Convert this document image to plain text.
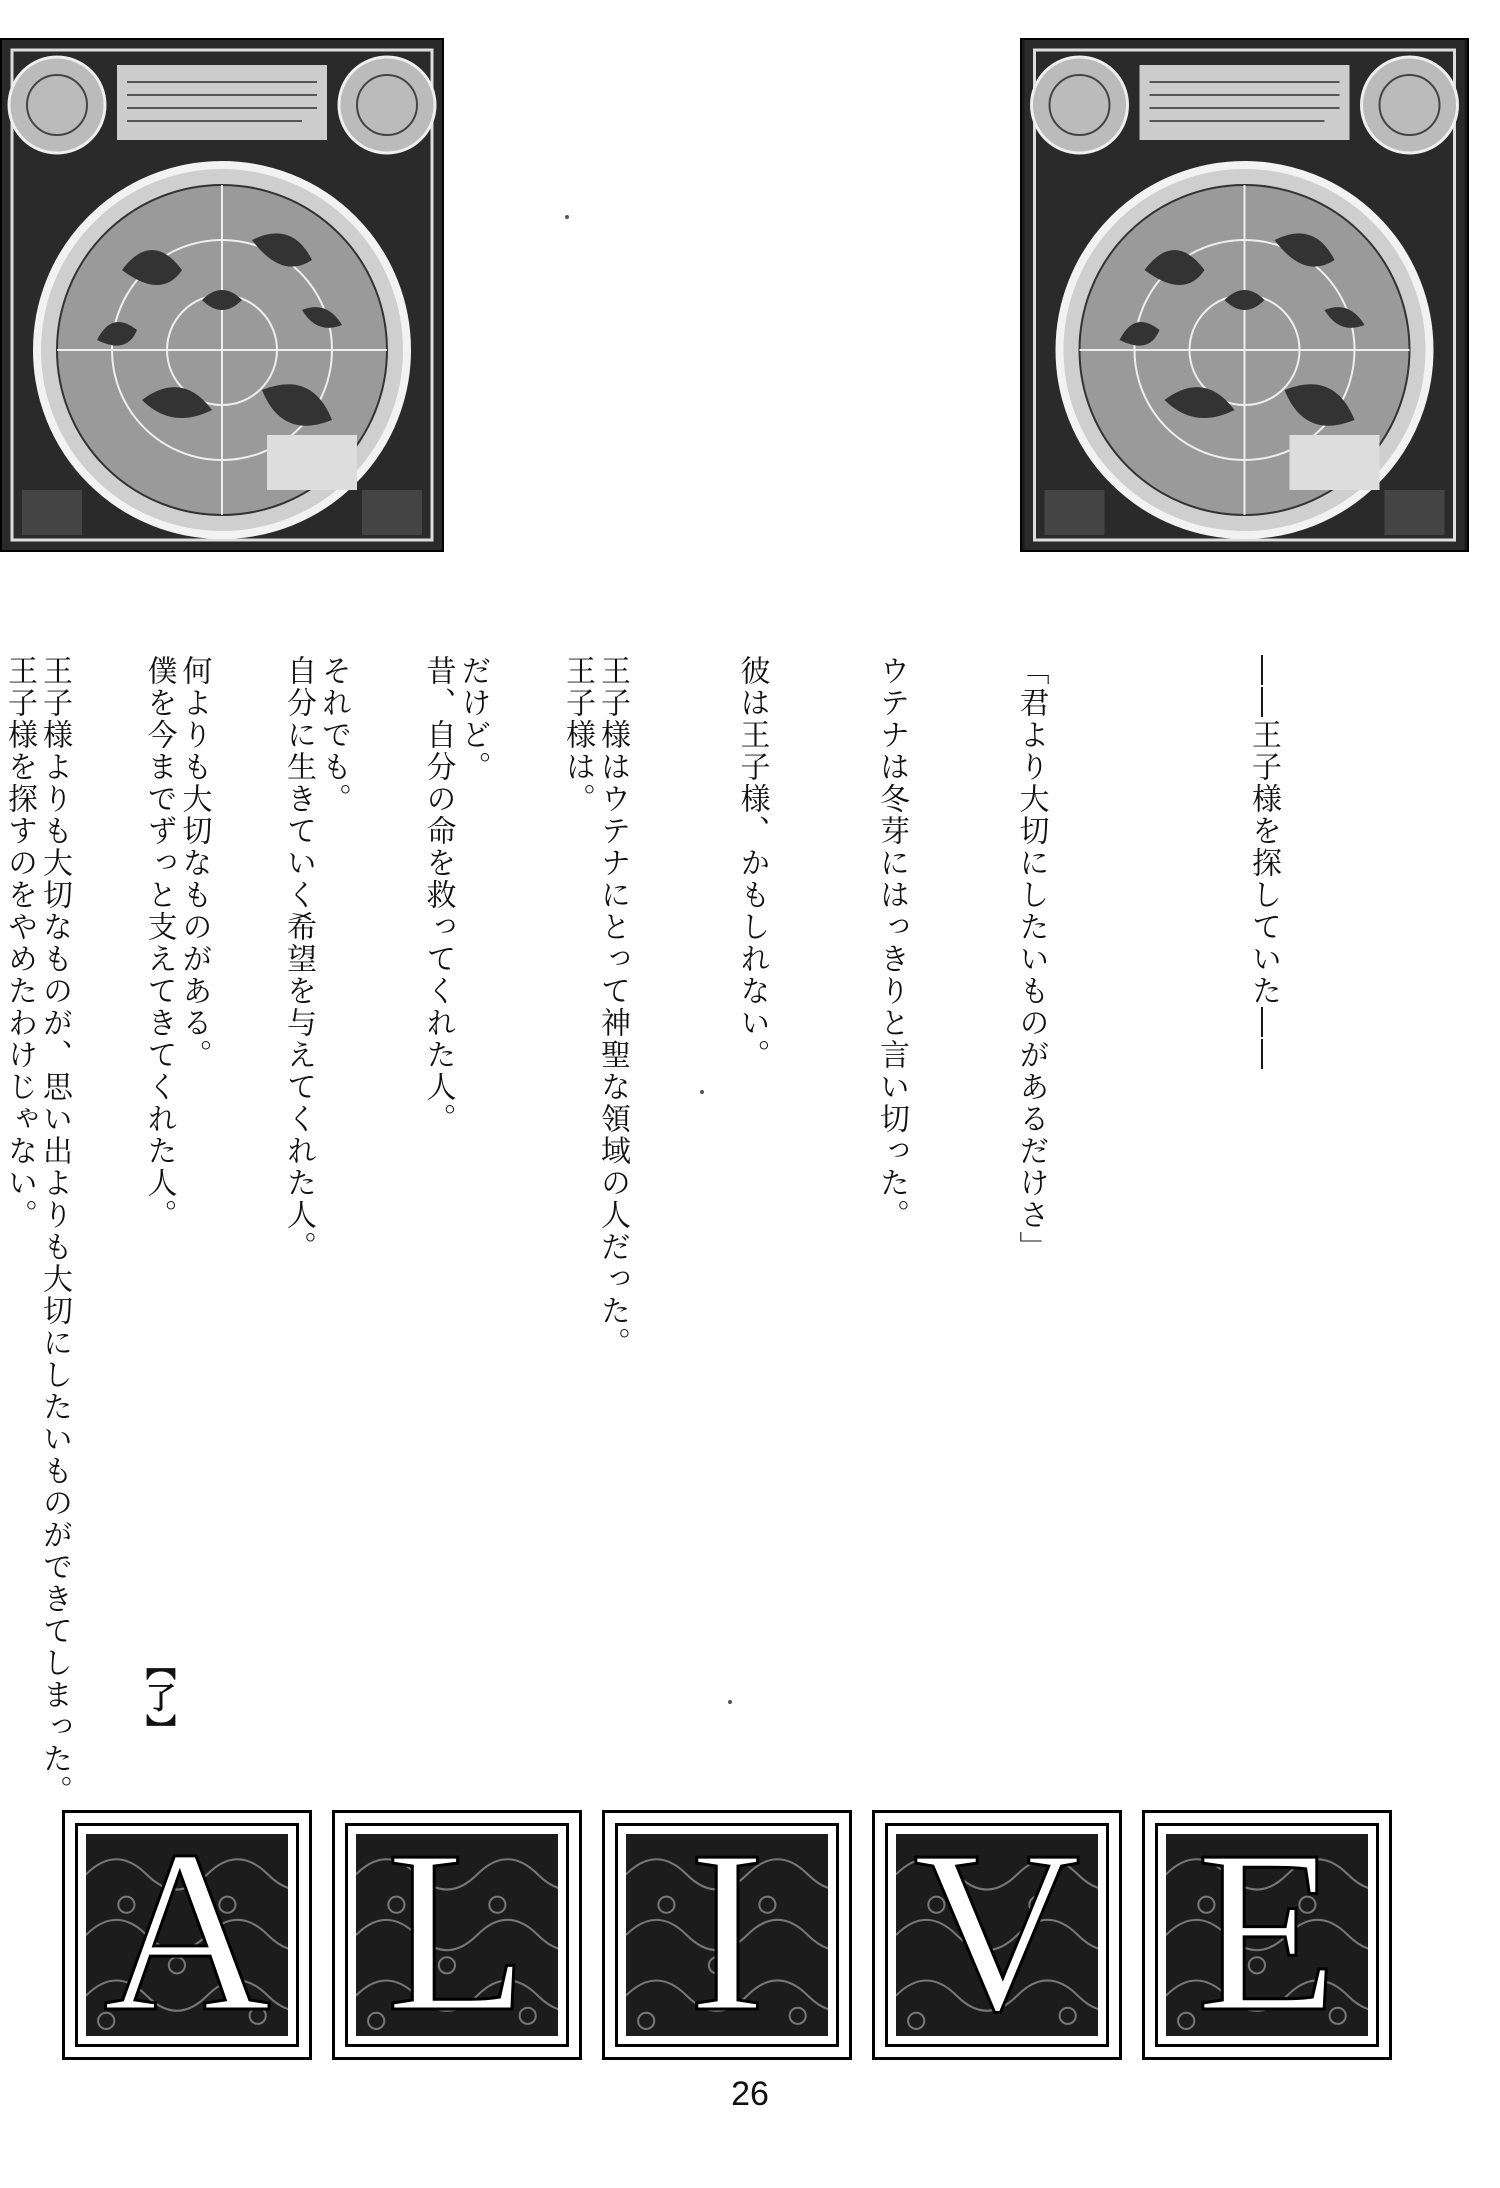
――王子様を探していた――

「君より大切にしたいものがあるだけさ」

ウテナは冬芽にはっきりと言い切った。

彼は王子様、かもしれない。

王子様はウテナにとって神聖な領域の人だった。

だけど。

それでも。

何よりも大切なものがある。

王子様よりも大切なものが、思い出よりも大切にしたいものができてしまった。

	王子様は。

昔、自分の命を救ってくれた人。

自分に生きていく希望を与えてくれた人。

僕を今までずっと支えてきてくれた人。

王子様を探すのをやめたわけじゃない。

【了】
A L I V E
26
